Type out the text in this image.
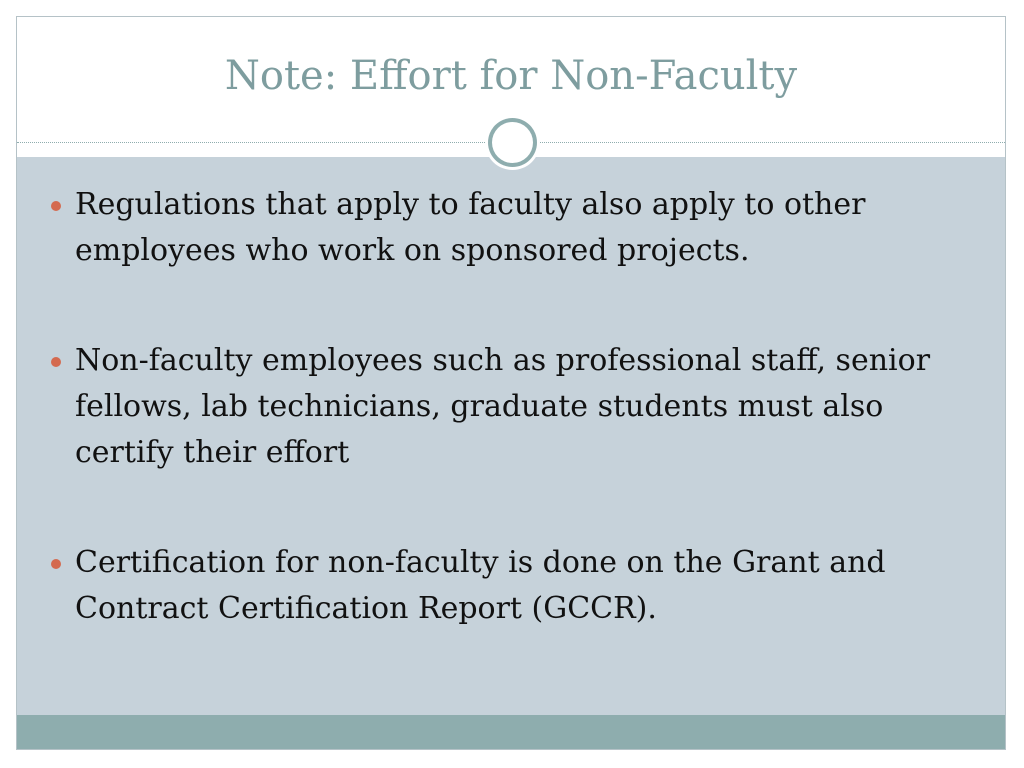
Note: Effort for Non-Faculty
Regulations that apply to faculty also apply to other employees who work on sponsored projects.
Non-faculty employees such as professional staff, senior fellows, lab technicians, graduate students must also certify their effort
Certification for non-faculty is done on the Grant and Contract Certification Report (GCCR).
